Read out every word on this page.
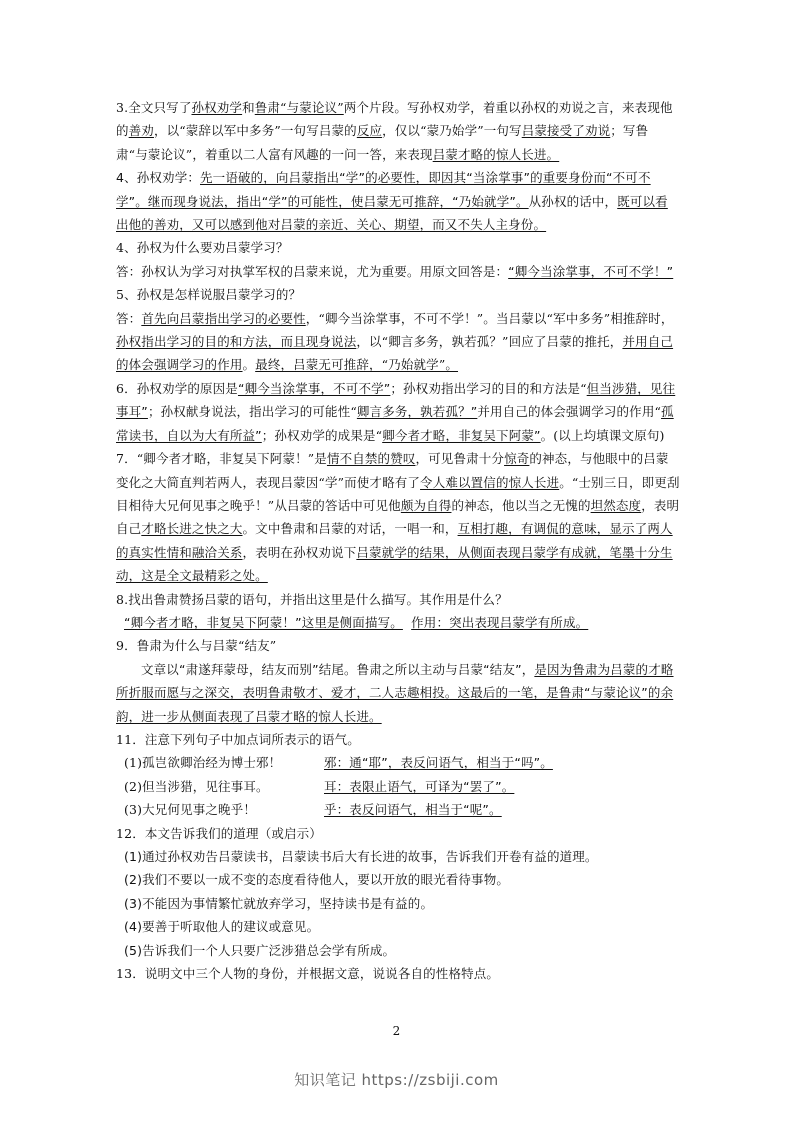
3.全文只写了孙权劝学和鲁肃“与蒙论议”两个片段。写孙权劝学，着重以孙权的劝说之言，来表现他的善劝，以“蒙辞以军中多务”一句写吕蒙的反应，仅以“蒙乃始学”一句写吕蒙接受了劝说；写鲁肃“与蒙论议”，着重以二人富有风趣的一问一答，来表现吕蒙才略的惊人长进。

4、孙权劝学：先一语破的，向吕蒙指出“学”的必要性，即因其“当涂掌事”的重要身份而“不可不学”。继而现身说法，指出“学”的可能性，使吕蒙无可推辞，“乃始就学”。从孙权的话中，既可以看出他的善劝，又可以感到他对吕蒙的亲近、关心、期望，而又不失人主身份。

4、孙权为什么要劝吕蒙学习？

答：孙权认为学习对执掌军权的吕蒙来说，尤为重要。用原文回答是：“卿今当涂掌事，不可不学！”

5、孙权是怎样说服吕蒙学习的？

答：首先向吕蒙指出学习的必要性，“卿今当涂掌事，不可不学！”。当吕蒙以“军中多务”相推辞时，孙权指出学习的目的和方法，而且现身说法，以“卿言多务，孰若孤？”回应了吕蒙的推托，并用自己的体会强调学习的作用。最终，吕蒙无可推辞，“乃始就学”。

6．孙权劝学的原因是“卿今当涂掌事，不可不学”；孙权劝指出学习的目的和方法是“但当涉猎，见往事耳”；孙权献身说法，指出学习的可能性“卿言多务，孰若孤？”并用自己的体会强调学习的作用“孤常读书，自以为大有所益”；孙权劝学的成果是“卿今者才略，非复吴下阿蒙”。(以上均填课文原句)

7．“卿今者才略，非复吴下阿蒙！”是情不自禁的赞叹，可见鲁肃十分惊奇的神态，与他眼中的吕蒙变化之大简直判若两人，表现吕蒙因“学”而使才略有了令人难以置信的惊人长进。“士别三日，即更刮目相待大兄何见事之晚乎！”从吕蒙的答话中可见他颇为自得的神态，他以当之无愧的坦然态度，表明自己才略长进之快之大。文中鲁肃和吕蒙的对话，一唱一和，互相打趣，有调侃的意味，显示了两人的真实性情和融洽关系，表明在孙权劝说下吕蒙就学的结果，从侧面表现吕蒙学有成就，笔墨十分生动，这是全文最精彩之处。

8.找出鲁肃赞扬吕蒙的语句，并指出这里是什么描写。其作用是什么？

“卿今者才略，非复吴下阿蒙！”这里是侧面描写。 作用：突出表现吕蒙学有所成。

9．鲁肃为什么与吕蒙“结友”

文章以“肃遂拜蒙母，结友而别”结尾。鲁肃之所以主动与吕蒙“结友”，是因为鲁肃为吕蒙的才略所折服而愿与之深交，表明鲁肃敬才、爱才，二人志趣相投。这最后的一笔，是鲁肃“与蒙论议”的余韵，进一步从侧面表现了吕蒙才略的惊人长进。

11．注意下列句子中加点词所表示的语气。

(1)孤岂欲卿治经为博士邪！	邪：通“耶”，表反问语气，相当于“吗”。
(2)但当涉猎，见往事耳。	耳：表限止语气，可译为“罢了”。
(3)大兄何见事之晚乎！	乎：表反问语气，相当于“呢”。

12．本文告诉我们的道理（或启示）

(1)通过孙权劝告吕蒙读书，吕蒙读书后大有长进的故事，告诉我们开卷有益的道理。

(2)我们不要以一成不变的态度看待他人，要以开放的眼光看待事物。

(3)不能因为事情繁忙就放弃学习，坚持读书是有益的。

(4)要善于听取他人的建议或意见。

(5)告诉我们一个人只要广泛涉猎总会学有所成。

13．说明文中三个人物的身份，并根据文意，说说各自的性格特点。

2
知识笔记 https://zsbiji.com
